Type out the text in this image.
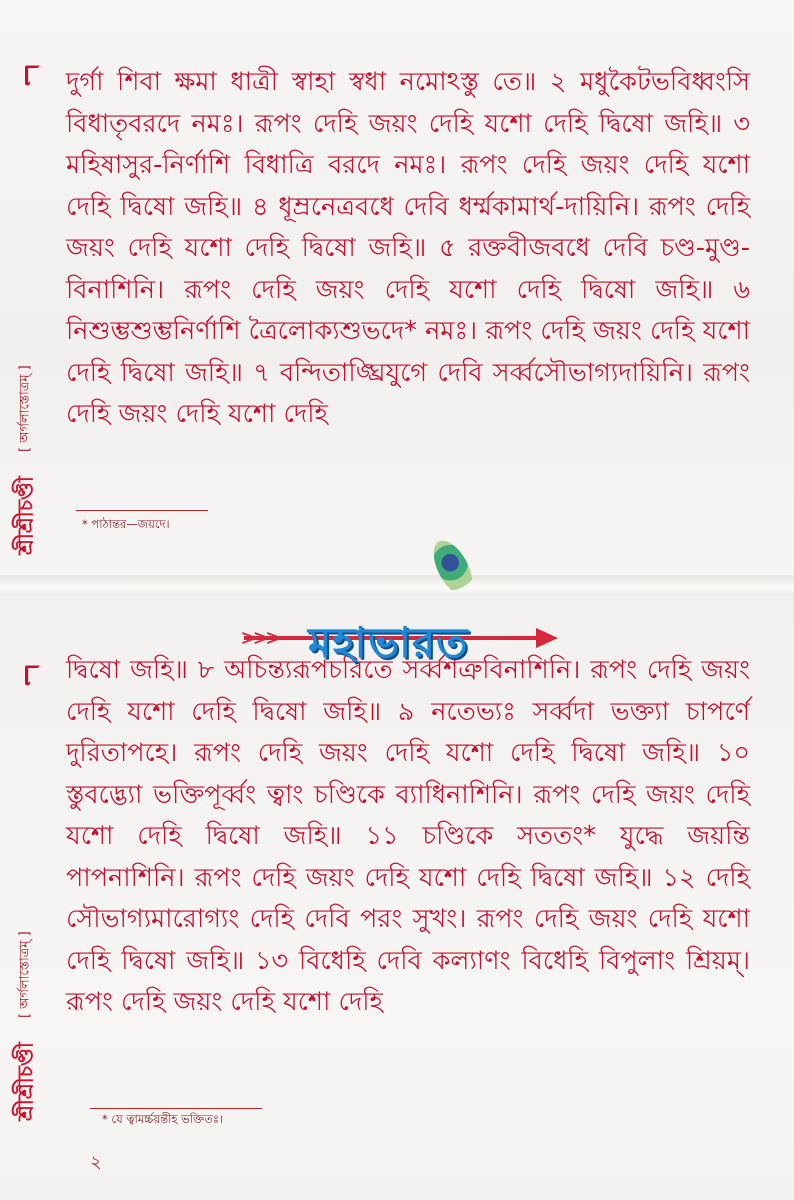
୮
শ্রীশ্রীচণ্ডী
[ অর্গলাস্তোত্রম্ ]

দুর্গা শিবা ক্ষমা ধাত্রী স্বাহা স্বধা নমোঽস্তু তে॥ ২ মধুকৈটভবিধ্বংসি বিধাতৃবরদে নমঃ। রূপং দেহি জয়ং দেহি যশো দেহি দ্বিষো জহি॥ ৩ মহিষাসুর-নির্ণাশি বিধাত্রি বরদে নমঃ। রূপং দেহি জয়ং দেহি যশো দেহি দ্বিষো জহি॥ ৪ ধূম্রনেত্রবধে দেবি ধর্ম্মকামার্থ-দায়িনি। রূপং দেহি জয়ং দেহি যশো দেহি দ্বিষো জহি॥ ৫ রক্তবীজবধে দেবি চণ্ড-মুণ্ড-বিনাশিনি। রূপং দেহি জয়ং দেহি যশো দেহি দ্বিষো জহি॥ ৬ নিশুম্ভশুম্ভনির্ণাশি ত্রৈলোক্যশুভদে* নমঃ। রূপং দেহি জয়ং দেহি যশো দেহি দ্বিষো জহি॥ ৭ বন্দিতাঙ্ঘ্রিযুগে দেবি সর্ব্বসৌভাগ্যদায়িনি। রূপং দেহি জয়ং দেহি যশো দেহি

* পাঠান্তর—জয়দে।
୮
শ্রীশ্রীচণ্ডী
[ অর্গলাস্তোত্রম্ ]

দ্বিষো জহি॥ ৮ অচিন্ত্যরূপচরিতে সর্ব্বশত্রুবিনাশিনি। রূপং দেহি জয়ং দেহি যশো দেহি দ্বিষো জহি॥ ৯ নতেভ্যঃ সর্ব্বদা ভক্ত্যা চাপর্ণে দুরিতাপহে। রূপং দেহি জয়ং দেহি যশো দেহি দ্বিষো জহি॥ ১০ স্তুবদ্ভ্যো ভক্তিপূর্ব্বং ত্বাং চণ্ডিকে ব্যাধিনাশিনি। রূপং দেহি জয়ং দেহি যশো দেহি দ্বিষো জহি॥ ১১ চণ্ডিকে সততং* যুদ্ধে জয়ন্তি পাপনাশিনি। রূপং দেহি জয়ং দেহি যশো দেহি দ্বিষো জহি॥ ১২ দেহি সৌভাগ্যমারোগ্যং দেহি দেবি পরং সুখং। রূপং দেহি জয়ং দেহি যশো দেহি দ্বিষো জহি॥ ১৩ বিধেহি দেবি কল্যাণং বিধেহি বিপুলাং শ্রিয়ম্। রূপং দেহি জয়ং দেহি যশো দেহি

* যে ত্বামর্চ্চয়ন্তীহ ভক্তিতঃ।
২
>>> মহাভারত
